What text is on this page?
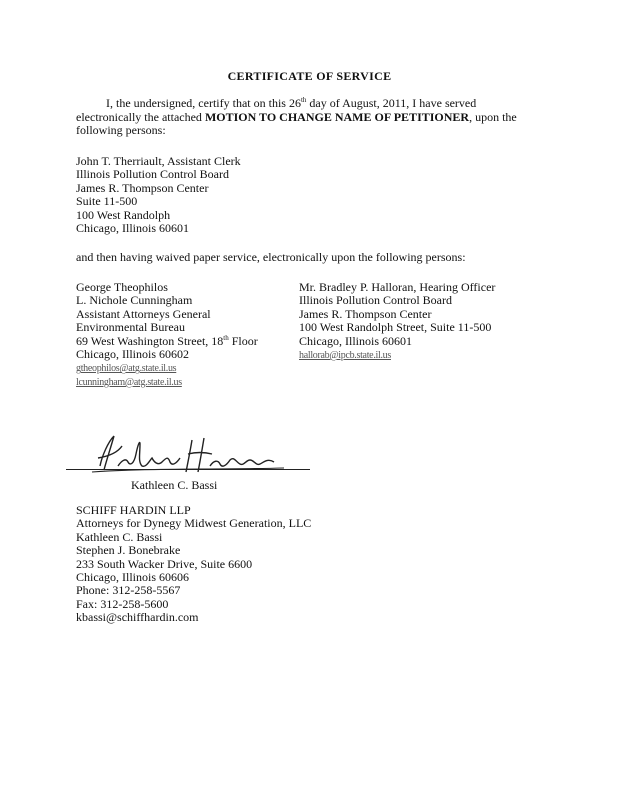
CERTIFICATE OF SERVICE
I, the undersigned, certify that on this 26th day of August, 2011, I have served electronically the attached MOTION TO CHANGE NAME OF PETITIONER, upon the following persons:
John T. Therriault, Assistant Clerk
Illinois Pollution Control Board
James R. Thompson Center
Suite 11-500
100 West Randolph
Chicago, Illinois 60601
and then having waived paper service, electronically upon the following persons:
George Theophilos
L. Nichole Cunningham
Assistant Attorneys General
Environmental Bureau
69 West Washington Street, 18th Floor
Chicago, Illinois 60602
gtheophilos@atg.state.il.us
lcunningham@atg.state.il.us
Mr. Bradley P. Halloran, Hearing Officer
Illinois Pollution Control Board
James R. Thompson Center
100 West Randolph Street, Suite 11-500
Chicago, Illinois 60601
hallorab@ipcb.state.il.us
Kathleen C. Bassi
SCHIFF HARDIN LLP
Attorneys for Dynegy Midwest Generation, LLC
Kathleen C. Bassi
Stephen J. Bonebrake
233 South Wacker Drive, Suite 6600
Chicago, Illinois 60606
Phone: 312-258-5567
Fax: 312-258-5600
kbassi@schiffhardin.com
